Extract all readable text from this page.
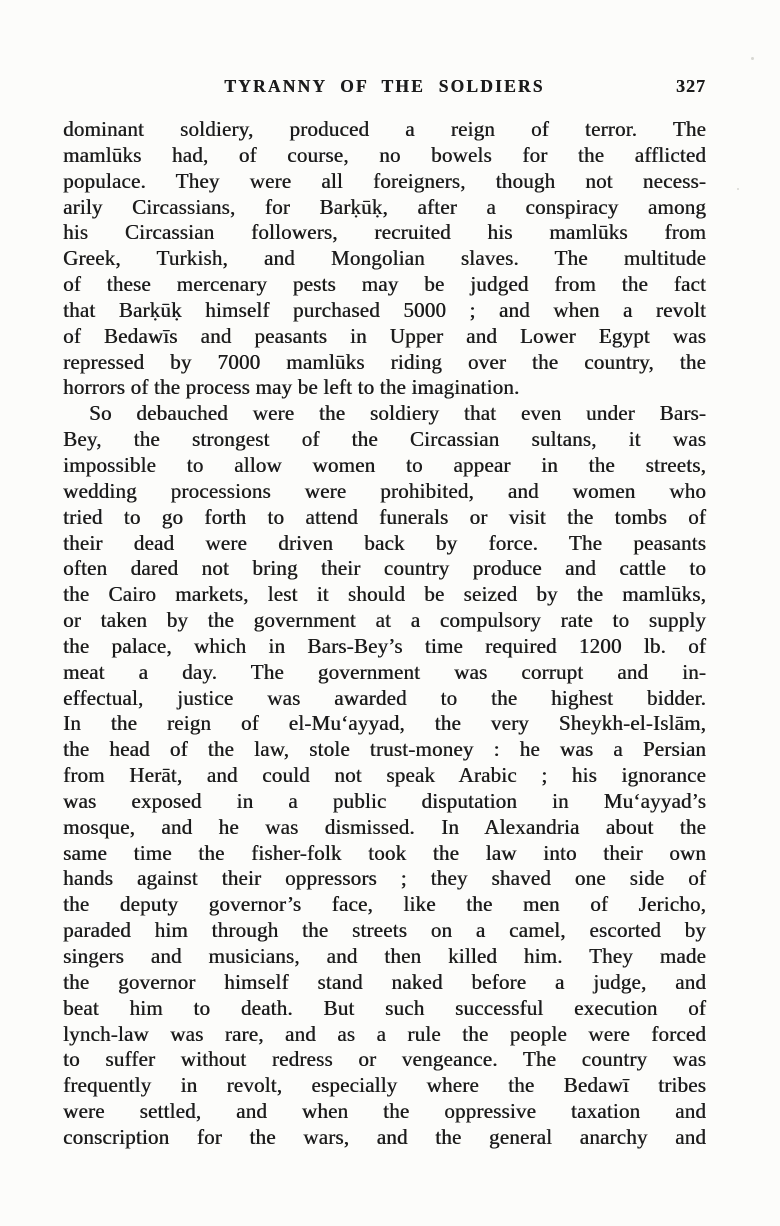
TYRANNY OF THE SOLDIERS	327
dominant soldiery, produced a reign of terror. The
mamlūks had, of course, no bowels for the afflicted
populace. They were all foreigners, though not necess-
arily Circassians, for Barḳūḳ, after a conspiracy among
his Circassian followers, recruited his mamlūks from
Greek, Turkish, and Mongolian slaves. The multitude
of these mercenary pests may be judged from the fact
that Barḳūḳ himself purchased 5000 ; and when a revolt
of Bedawīs and peasants in Upper and Lower Egypt was
repressed by 7000 mamlūks riding over the country, the
horrors of the process may be left to the imagination.
So debauched were the soldiery that even under Bars-
Bey, the strongest of the Circassian sultans, it was
impossible to allow women to appear in the streets,
wedding processions were prohibited, and women who
tried to go forth to attend funerals or visit the tombs of
their dead were driven back by force. The peasants
often dared not bring their country produce and cattle to
the Cairo markets, lest it should be seized by the mamlūks,
or taken by the government at a compulsory rate to supply
the palace, which in Bars-Bey’s time required 1200 lb. of
meat a day. The government was corrupt and in-
effectual, justice was awarded to the highest bidder.
In the reign of el-Mu‘ayyad, the very Sheykh-el-Islām,
the head of the law, stole trust-money : he was a Persian
from Herāt, and could not speak Arabic ; his ignorance
was exposed in a public disputation in Mu‘ayyad’s
mosque, and he was dismissed. In Alexandria about the
same time the fisher-folk took the law into their own
hands against their oppressors ; they shaved one side of
the deputy governor’s face, like the men of Jericho,
paraded him through the streets on a camel, escorted by
singers and musicians, and then killed him. They made
the governor himself stand naked before a judge, and
beat him to death. But such successful execution of
lynch-law was rare, and as a rule the people were forced
to suffer without redress or vengeance. The country was
frequently in revolt, especially where the Bedawī tribes
were settled, and when the oppressive taxation and
conscription for the wars, and the general anarchy and
